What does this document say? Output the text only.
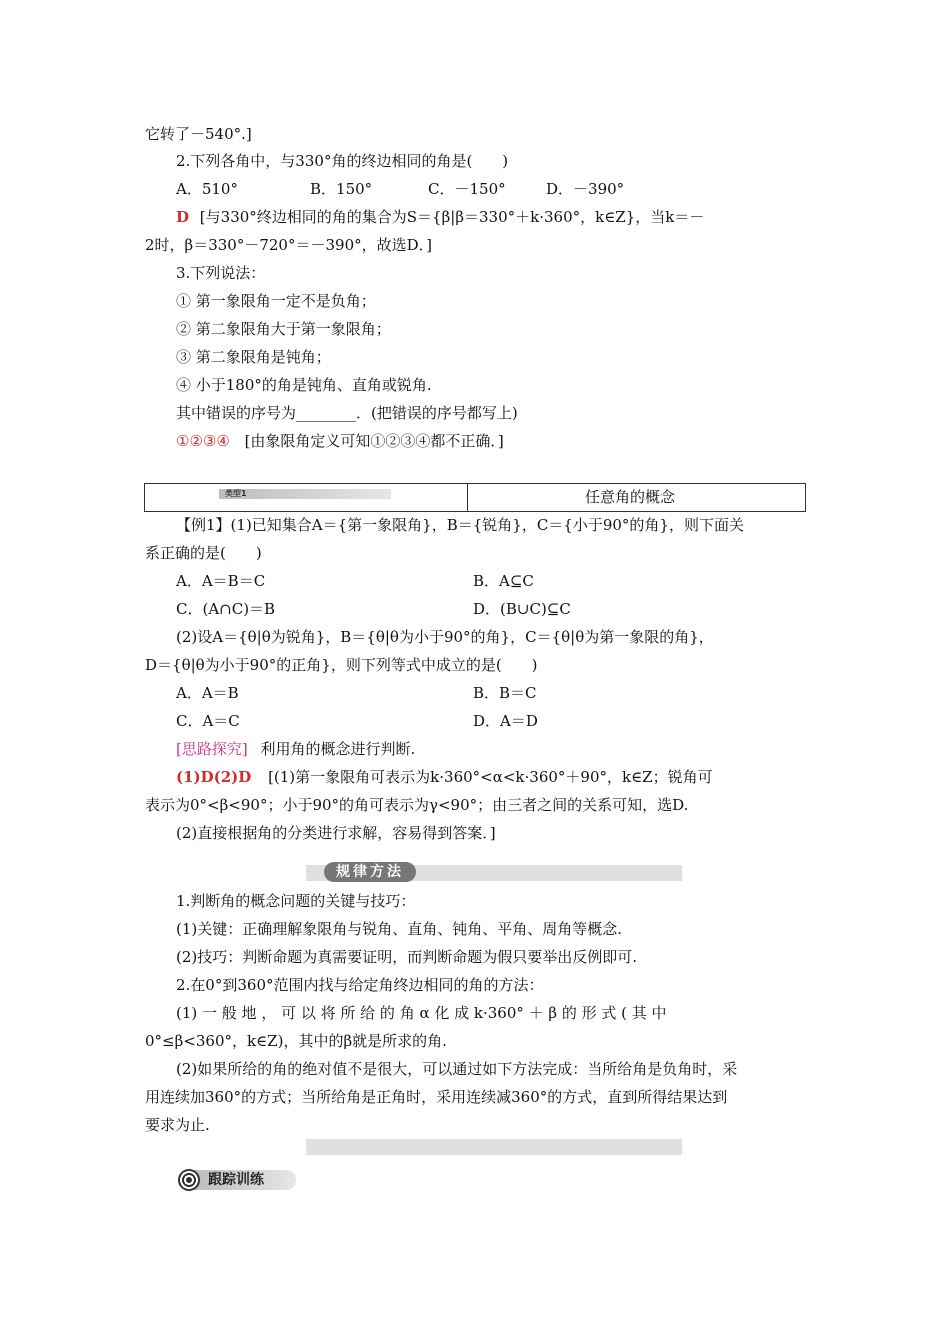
它转了－540°.]
2.下列各角中，与330°角的终边相同的角是(　　)
A．510°	B．150°	C．－150°	D．－390°
D [与330°终边相同的角的集合为S＝{β|β＝330°＋k·360°，k∈Z}，当k＝－
2时，β＝330°－720°＝－390°，故选D．]
3.下列说法：
① 第一象限角一定不是负角；
② 第二象限角大于第一象限角；
③ 第二象限角是钝角；
④ 小于180°的角是钝角、直角或锐角.
其中错误的序号为________．(把错误的序号都写上)
①②③④ [由象限角定义可知①②③④都不正确．]
类型1	任意角的概念
【例1】(1)已知集合A＝{第一象限角}，B＝{锐角}，C＝{小于90°的角}，则下面关
系正确的是(　　)
A．A＝B＝C	B．A⊆C
C．(A∩C)＝B	D．(B∪C)⊆C
(2)设A＝{θ|θ为锐角}，B＝{θ|θ为小于90°的角}，C＝{θ|θ为第一象限的角}，
D＝{θ|θ为小于90°的正角}，则下列等式中成立的是(　　)
A．A＝B	B．B＝C
C．A＝C	D．A＝D
[思路探究] 利用角的概念进行判断.
(1)D(2)D [(1)第一象限角可表示为k·360°<α<k·360°＋90°，k∈Z；锐角可
表示为0°<β<90°；小于90°的角可表示为γ<90°；由三者之间的关系可知，选D.
(2)直接根据角的分类进行求解，容易得到答案．]
规律方法
1.判断角的概念问题的关键与技巧：
(1)关键：正确理解象限角与锐角、直角、钝角、平角、周角等概念.
(2)技巧：判断命题为真需要证明，而判断命题为假只要举出反例即可.
2.在0°到360°范围内找与给定角终边相同的角的方法：
(1) 一 般 地 ， 可 以 将 所 给 的 角 α 化 成 k·360° ＋ β 的 形 式 ( 其 中
0°≤β<360°，k∈Z)，其中的β就是所求的角.
(2)如果所给的角的绝对值不是很大，可以通过如下方法完成：当所给角是负角时，采
用连续加360°的方式；当所给角是正角时，采用连续减360°的方式，直到所得结果达到
要求为止.
跟踪训练
